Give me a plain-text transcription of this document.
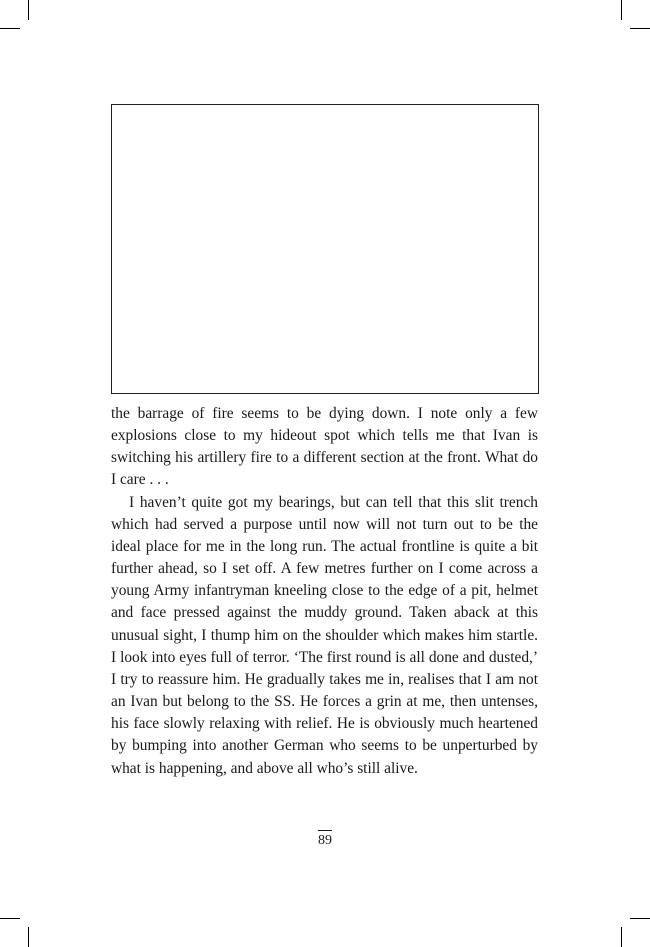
the barrage of fire seems to be dying down. I note only a few explosions close to my hideout spot which tells me that Ivan is switching his artillery fire to a different section at the front. What do I care . . .

I haven’t quite got my bearings, but can tell that this slit trench which had served a purpose until now will not turn out to be the ideal place for me in the long run. The actual frontline is quite a bit further ahead, so I set off. A few metres further on I come across a young Army infantryman kneeling close to the edge of a pit, helmet and face pressed against the muddy ground. Taken aback at this unusual sight, I thump him on the shoulder which makes him startle. I look into eyes full of terror. ‘The first round is all done and dusted,’ I try to reassure him. He gradually takes me in, realises that I am not an Ivan but belong to the SS. He forces a grin at me, then untenses, his face slowly relaxing with relief. He is obviously much heartened by bumping into another German who seems to be unperturbed by what is happening, and above all who’s still alive.

89
